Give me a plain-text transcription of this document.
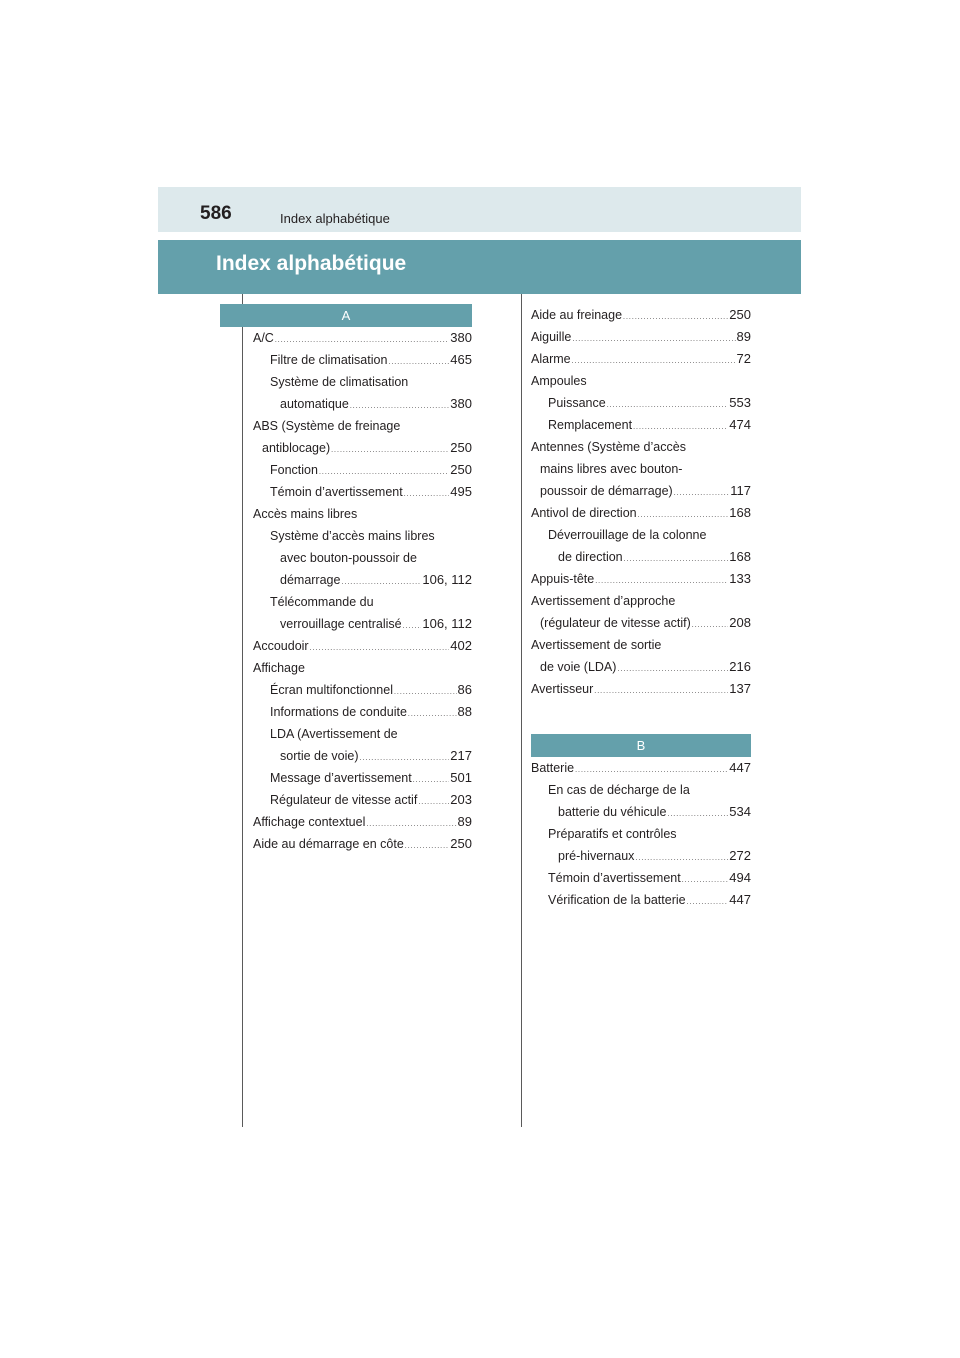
586	Index alphabétique
Index alphabétique
A
A/C .....	380
Filtre de climatisation .....	465
Système de climatisation
automatique .....	380
ABS (Système de freinage
antiblocage) .....	250
Fonction .....	250
Témoin d’avertissement .....	495
Accès mains libres
Système d’accès mains libres
avec bouton-poussoir de
démarrage .....	106, 112
Télécommande du
verrouillage centralisé ..... 106, 112
Accoudoir .....	402
Affichage
Écran multifonctionnel .....	86
Informations de conduite .....	88
LDA (Avertissement de
sortie de voie) .....	217
Message d’avertissement .....	501
Régulateur de vitesse actif .....	203
Affichage contextuel .....	89
Aide au démarrage en côte .....	250
Aide au freinage .....	250
Aiguille .....	89
Alarme .....	72
Ampoules
Puissance .....	553
Remplacement .....	474
Antennes (Système d’accès
mains libres avec bouton-
poussoir de démarrage) .....	117
Antivol de direction .....	168
Déverrouillage de la colonne
de direction .....	168
Appuis-tête .....	133
Avertissement d’approche
(régulateur de vitesse actif) .....	208
Avertissement de sortie
de voie (LDA) .....	216
Avertisseur .....	137
B
Batterie .....	447
En cas de décharge de la
batterie du véhicule .....	534
Préparatifs et contrôles
pré-hivernaux .....	272
Témoin d’avertissement .....	494
Vérification de la batterie .....	447
